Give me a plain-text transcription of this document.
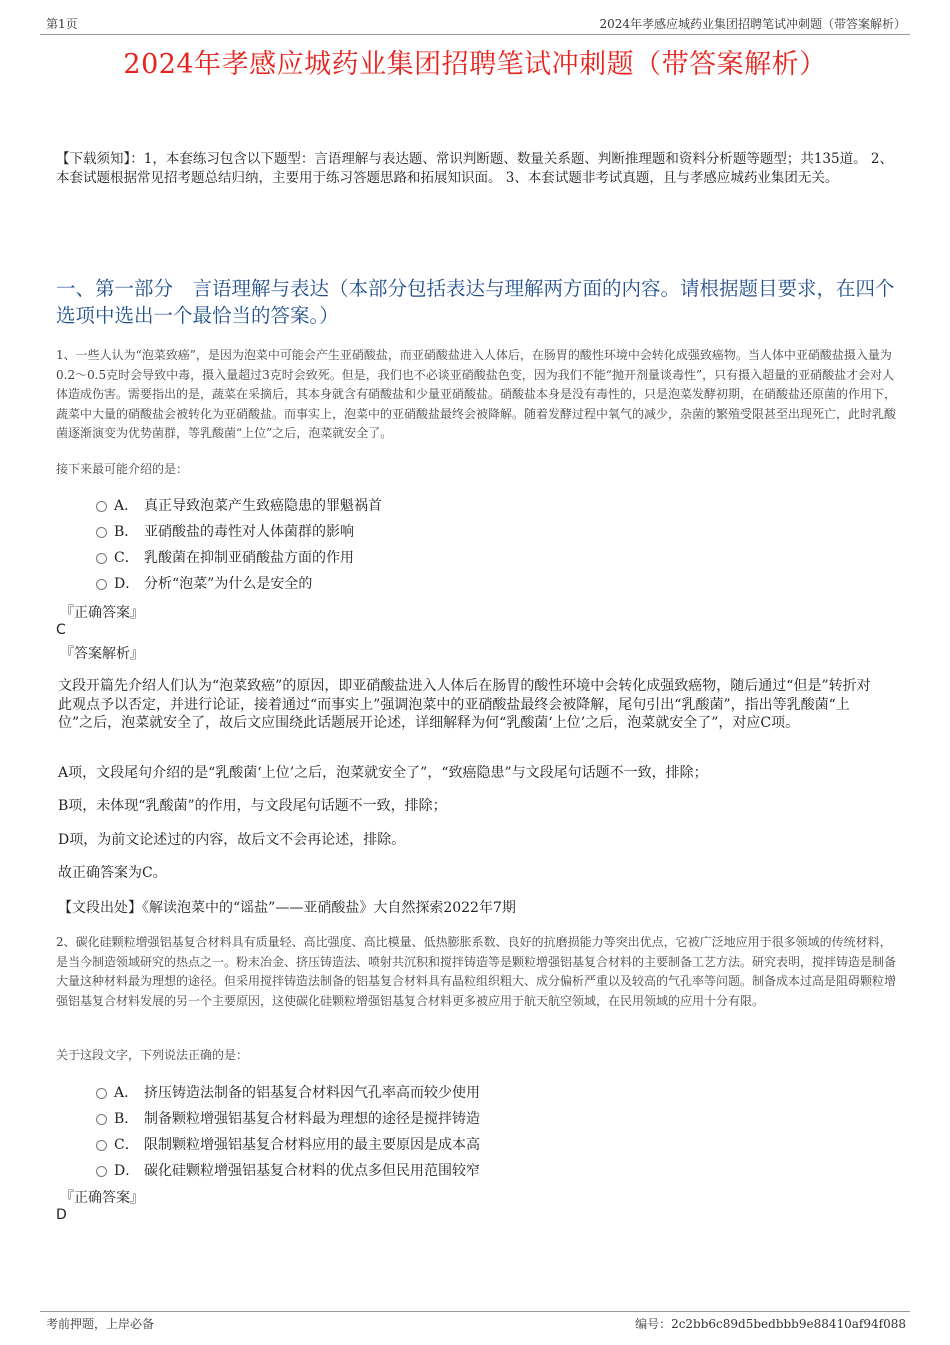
第1页	2024年孝感应城药业集团招聘笔试冲刺题（带答案解析）
2024年孝感应城药业集团招聘笔试冲刺题（带答案解析）
【下载须知】：1，本套练习包含以下题型：言语理解与表达题、常识判断题、数量关系题、判断推理题和资料分析题等题型；共135道。 2、本套试题根据常见招考题总结归纳，主要用于练习答题思路和拓展知识面。 3、本套试题非考试真题，且与孝感应城药业集团无关。
一、第一部分　言语理解与表达（本部分包括表达与理解两方面的内容。请根据题目要求，在四个选项中选出一个最恰当的答案。）
1、一些人认为“泡菜致癌”，是因为泡菜中可能会产生亚硝酸盐，而亚硝酸盐进入人体后，在肠胃的酸性环境中会转化成强致癌物。当人体中亚硝酸盐摄入量为0.2～0.5克时会导致中毒，摄入量超过3克时会致死。但是，我们也不必谈亚硝酸盐色变，因为我们不能“抛开剂量谈毒性”，只有摄入超量的亚硝酸盐才会对人体造成伤害。需要指出的是，蔬菜在采摘后，其本身就含有硝酸盐和少量亚硝酸盐。硝酸盐本身是没有毒性的，只是泡菜发酵初期，在硝酸盐还原菌的作用下，蔬菜中大量的硝酸盐会被转化为亚硝酸盐。而事实上，泡菜中的亚硝酸盐最终会被降解。随着发酵过程中氧气的减少，杂菌的繁殖受限甚至出现死亡，此时乳酸菌逐渐演变为优势菌群，等乳酸菌“上位”之后，泡菜就安全了。
接下来最可能介绍的是：
A． 真正导致泡菜产生致癌隐患的罪魁祸首
B． 亚硝酸盐的毒性对人体菌群的影响
C． 乳酸菌在抑制亚硝酸盐方面的作用
D． 分析“泡菜”为什么是安全的
『正确答案』
C
『答案解析』
文段开篇先介绍人们认为“泡菜致癌”的原因，即亚硝酸盐进入人体后在肠胃的酸性环境中会转化成强致癌物，随后通过“但是”转折对此观点予以否定，并进行论证，接着通过“而事实上”强调泡菜中的亚硝酸盐最终会被降解，尾句引出“乳酸菌”，指出等乳酸菌“上位”之后，泡菜就安全了，故后文应围绕此话题展开论述，详细解释为何“乳酸菌‘上位’之后，泡菜就安全了”，对应C项。
A项，文段尾句介绍的是“乳酸菌‘上位’之后，泡菜就安全了”，“致癌隐患”与文段尾句话题不一致，排除；
B项，未体现“乳酸菌”的作用，与文段尾句话题不一致，排除；
D项，为前文论述过的内容，故后文不会再论述，排除。
故正确答案为C。
【文段出处】《解读泡菜中的“谣盐”——亚硝酸盐》大自然探索2022年7期
2、碳化硅颗粒增强铝基复合材料具有质量轻、高比强度、高比模量、低热膨胀系数、良好的抗磨损能力等突出优点，它被广泛地应用于很多领域的传统材料，是当今制造领域研究的热点之一。粉末冶金、挤压铸造法、喷射共沉积和搅拌铸造等是颗粒增强铝基复合材料的主要制备工艺方法。研究表明，搅拌铸造是制备大量这种材料最为理想的途径。但采用搅拌铸造法制备的铝基复合材料具有晶粒组织粗大、成分偏析严重以及较高的气孔率等问题。制备成本过高是阻碍颗粒增强铝基复合材料发展的另一个主要原因，这使碳化硅颗粒增强铝基复合材料更多被应用于航天航空领域，在民用领域的应用十分有限。
关于这段文字，下列说法正确的是：
A． 挤压铸造法制备的铝基复合材料因气孔率高而较少使用
B． 制备颗粒增强铝基复合材料最为理想的途径是搅拌铸造
C． 限制颗粒增强铝基复合材料应用的最主要原因是成本高
D． 碳化硅颗粒增强铝基复合材料的优点多但民用范围较窄
『正确答案』
D
考前押题，上岸必备	编号：2c2bb6c89d5bedbbb9e88410af94f088
